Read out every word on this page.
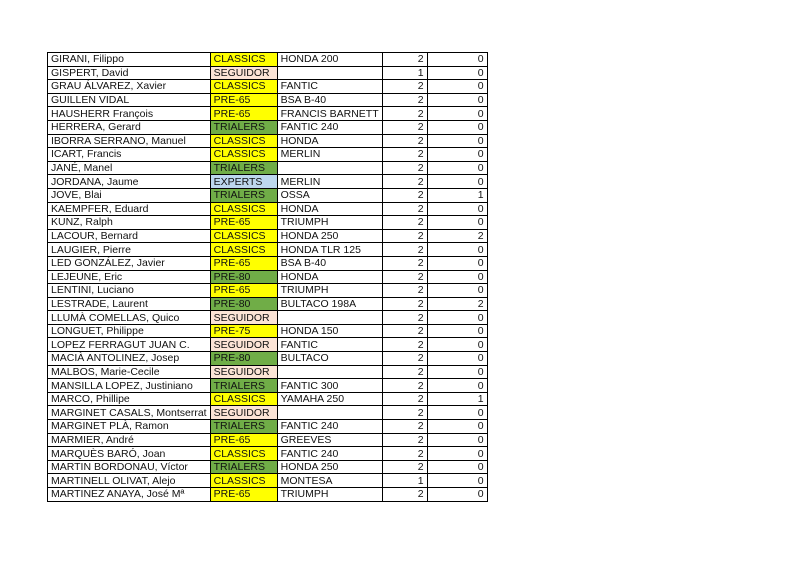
GIRANI, Filippo	CLASSICS	HONDA 200	2	0
GISPERT, David	SEGUIDOR		1	0
GRAU ÁLVAREZ, Xavier	CLASSICS	FANTIC	2	0
GUILLEN VIDAL	PRE-65	BSA B-40	2	0
HAUSHERR François	PRE-65	FRANCIS BARNETT	2	0
HERRERA, Gerard	TRIALERS	FANTIC 240	2	0
IBORRA SERRANO, Manuel	CLASSICS	HONDA	2	0
ICART, Francis	CLASSICS	MERLIN	2	0
JANÉ, Manel	TRIALERS		2	0
JORDANA, Jaume	EXPERTS	MERLIN	2	0
JOVE, Blai	TRIALERS	OSSA	2	1
KAEMPFER, Eduard	CLASSICS	HONDA	2	0
KUNZ, Ralph	PRE-65	TRIUMPH	2	0
LACOUR, Bernard	CLASSICS	HONDA 250	2	2
LAUGIER, Pierre	CLASSICS	HONDA TLR 125	2	0
LED GONZÁLEZ, Javier	PRE-65	BSA B-40	2	0
LEJEUNE, Eric	PRE-80	HONDA	2	0
LENTINI, Luciano	PRE-65	TRIUMPH	2	0
LESTRADE, Laurent	PRE-80	BULTACO 198A	2	2
LLUMÀ COMELLAS, Quico	SEGUIDOR		2	0
LONGUET, Philippe	PRE-75	HONDA 150	2	0
LOPEZ FERRAGUT JUAN C.	SEGUIDOR	FANTIC	2	0
MACIÀ ANTOLINEZ, Josep	PRE-80	BULTACO	2	0
MALBOS, Marie-Cecile	SEGUIDOR		2	0
MANSILLA LOPEZ, Justiniano	TRIALERS	FANTIC 300	2	0
MARCO, Phillipe	CLASSICS	YAMAHA 250	2	1
MARGINET CASALS, Montserrat	SEGUIDOR		2	0
MARGINET PLÀ, Ramon	TRIALERS	FANTIC 240	2	0
MARMIER, André	PRE-65	GREEVES	2	0
MARQUÈS BARÓ, Joan	CLASSICS	FANTIC 240	2	0
MARTIN BORDONAU, Víctor	TRIALERS	HONDA 250	2	0
MARTINELL OLIVAT, Alejo	CLASSICS	MONTESA	1	0
MARTINEZ ANAYA, José Mª	PRE-65	TRIUMPH	2	0
